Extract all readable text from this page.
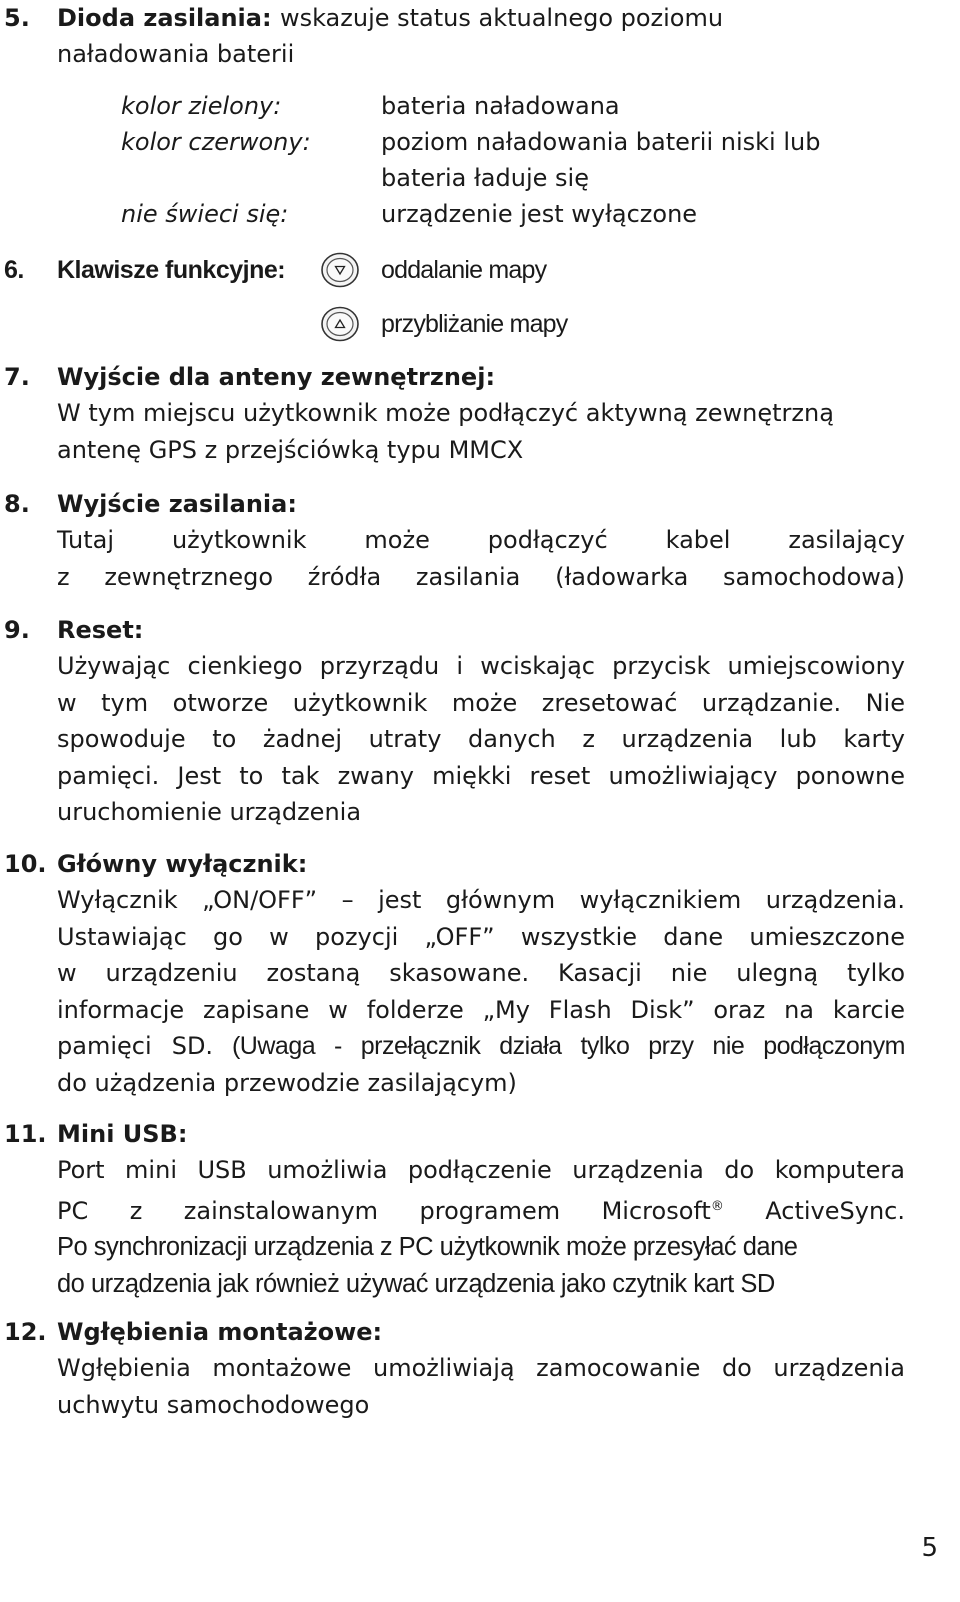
5. Dioda zasilania: wskazuje status aktualnego poziomu
naładowania baterii
kolor zielony:	bateria naładowana
kolor czerwony:	poziom naładowania baterii niski lub
bateria ładuje się
nie świeci się:	urządzenie jest wyłączone
6. Klawisze funkcyjne:	oddalanie mapy
przybliżanie mapy
7. Wyjście dla anteny zewnętrznej:
W tym miejscu użytkownik może podłączyć aktywną zewnętrzną
antenę GPS z przejściówką typu MMCX
8. Wyjście zasilania:
Tutaj użytkownik może podłączyć kabel zasilający
z zewnętrznego źródła zasilania (ładowarka samochodowa)
9. Reset:
Używając cienkiego przyrządu i wciskając przycisk umiejscowiony
w tym otworze użytkownik może zresetować urządzanie. Nie
spowoduje to żadnej utraty danych z urządzenia lub karty
pamięci. Jest to tak zwany miękki reset umożliwiający ponowne
uruchomienie urządzenia
10. Główny wyłącznik:
Wyłącznik „ON/OFF” – jest głównym wyłącznikiem urządzenia.
Ustawiając go w pozycji „OFF” wszystkie dane umieszczone
w urządzeniu zostaną skasowane. Kasacji nie ulegną tylko
informacje zapisane w folderze „My Flash Disk” oraz na karcie
pamięci SD. (Uwaga - przełącznik działa tylko przy nie podłączonym
do użądzenia przewodzie zasilającym)
11. Mini USB:
Port mini USB umożliwia podłączenie urządzenia do komputera
PC z zainstalowanym programem Microsoft® ActiveSync.
Po synchronizacji urządzenia z PC użytkownik może przesyłać dane
do urządzenia jak również używać urządzenia jako czytnik kart SD
12. Wgłębienia montażowe:
Wgłębienia montażowe umożliwiają zamocowanie do urządzenia
uchwytu samochodowego
5
